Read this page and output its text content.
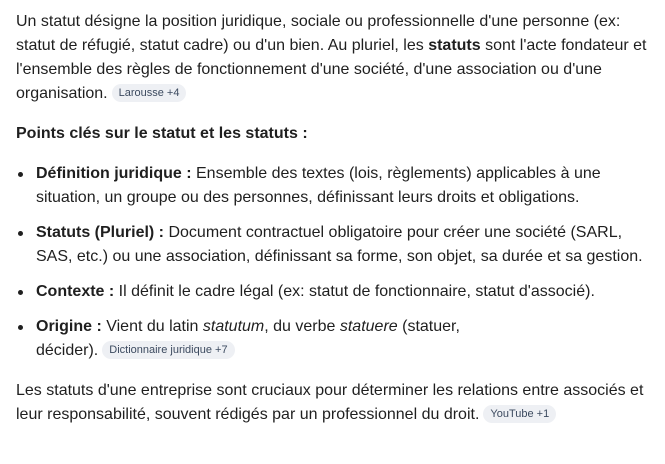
Un statut désigne la position juridique, sociale ou professionnelle d'une personne (ex: statut de réfugié, statut cadre) ou d'un bien. Au pluriel, les statuts sont l'acte fondateur et l'ensemble des règles de fonctionnement d'une société, d'une association ou d'une organisation. Larousse +4

Points clés sur le statut et les statuts :

Définition juridique : Ensemble des textes (lois, règlements) applicables à une situation, un groupe ou des personnes, définissant leurs droits et obligations.
Statuts (Pluriel) : Document contractuel obligatoire pour créer une société (SARL, SAS, etc.) ou une association, définissant sa forme, son objet, sa durée et sa gestion.
Contexte : Il définit le cadre légal (ex: statut de fonctionnaire, statut d'associé).
Origine : Vient du latin statutum, du verbe statuere (statuer,
décider). Dictionnaire juridique +7

Les statuts d'une entreprise sont cruciaux pour déterminer les relations entre associés et leur responsabilité, souvent rédigés par un professionnel du droit. YouTube +1
